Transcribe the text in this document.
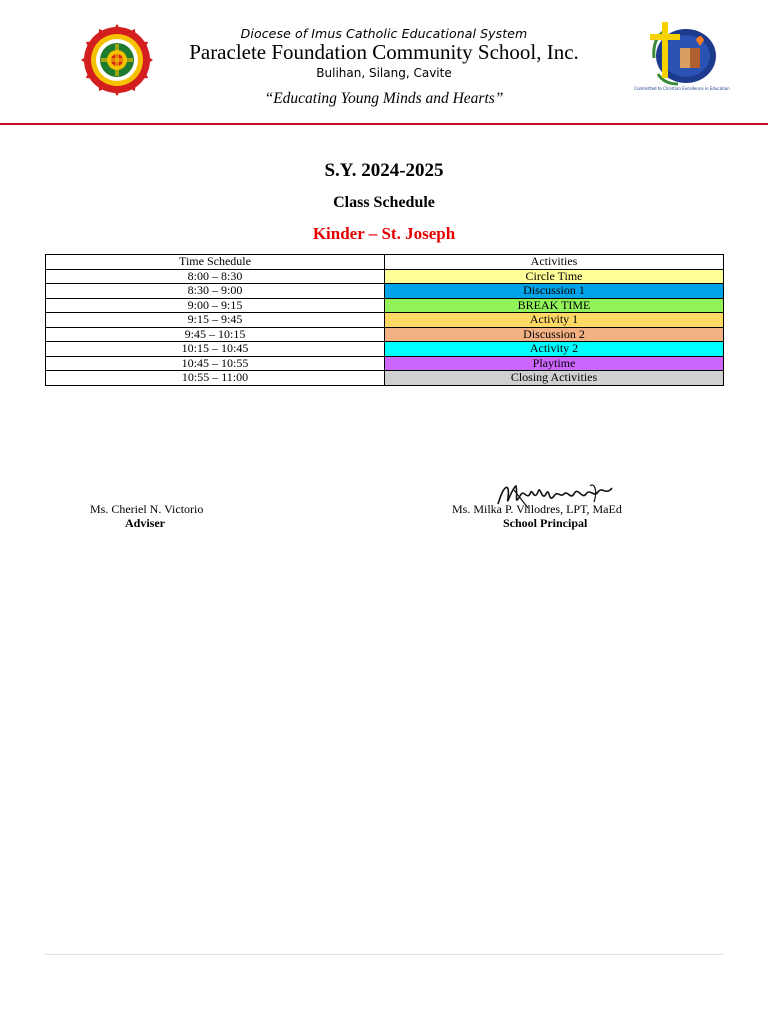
Committed to Christian Excellence in Education
Diocese of Imus Catholic Educational System
Paraclete Foundation Community School, Inc.
Bulihan, Silang, Cavite
“Educating Young Minds and Hearts”
S.Y. 2024-2025
Class Schedule
Kinder – St. Joseph
Time Schedule	Activities
8:00 – 8:30	Circle Time
8:30 – 9:00	Discussion 1
9:00 – 9:15	BREAK TIME
9:15 – 9:45	Activity 1
9:45 – 10:15	Discussion 2
10:15 – 10:45	Activity 2
10:45 – 10:55	Playtime
10:55 – 11:00	Closing Activities
Ms. Cheriel N. Victorio
Adviser
Ms. Milka P. Villodres, LPT, MaEd
School Principal
